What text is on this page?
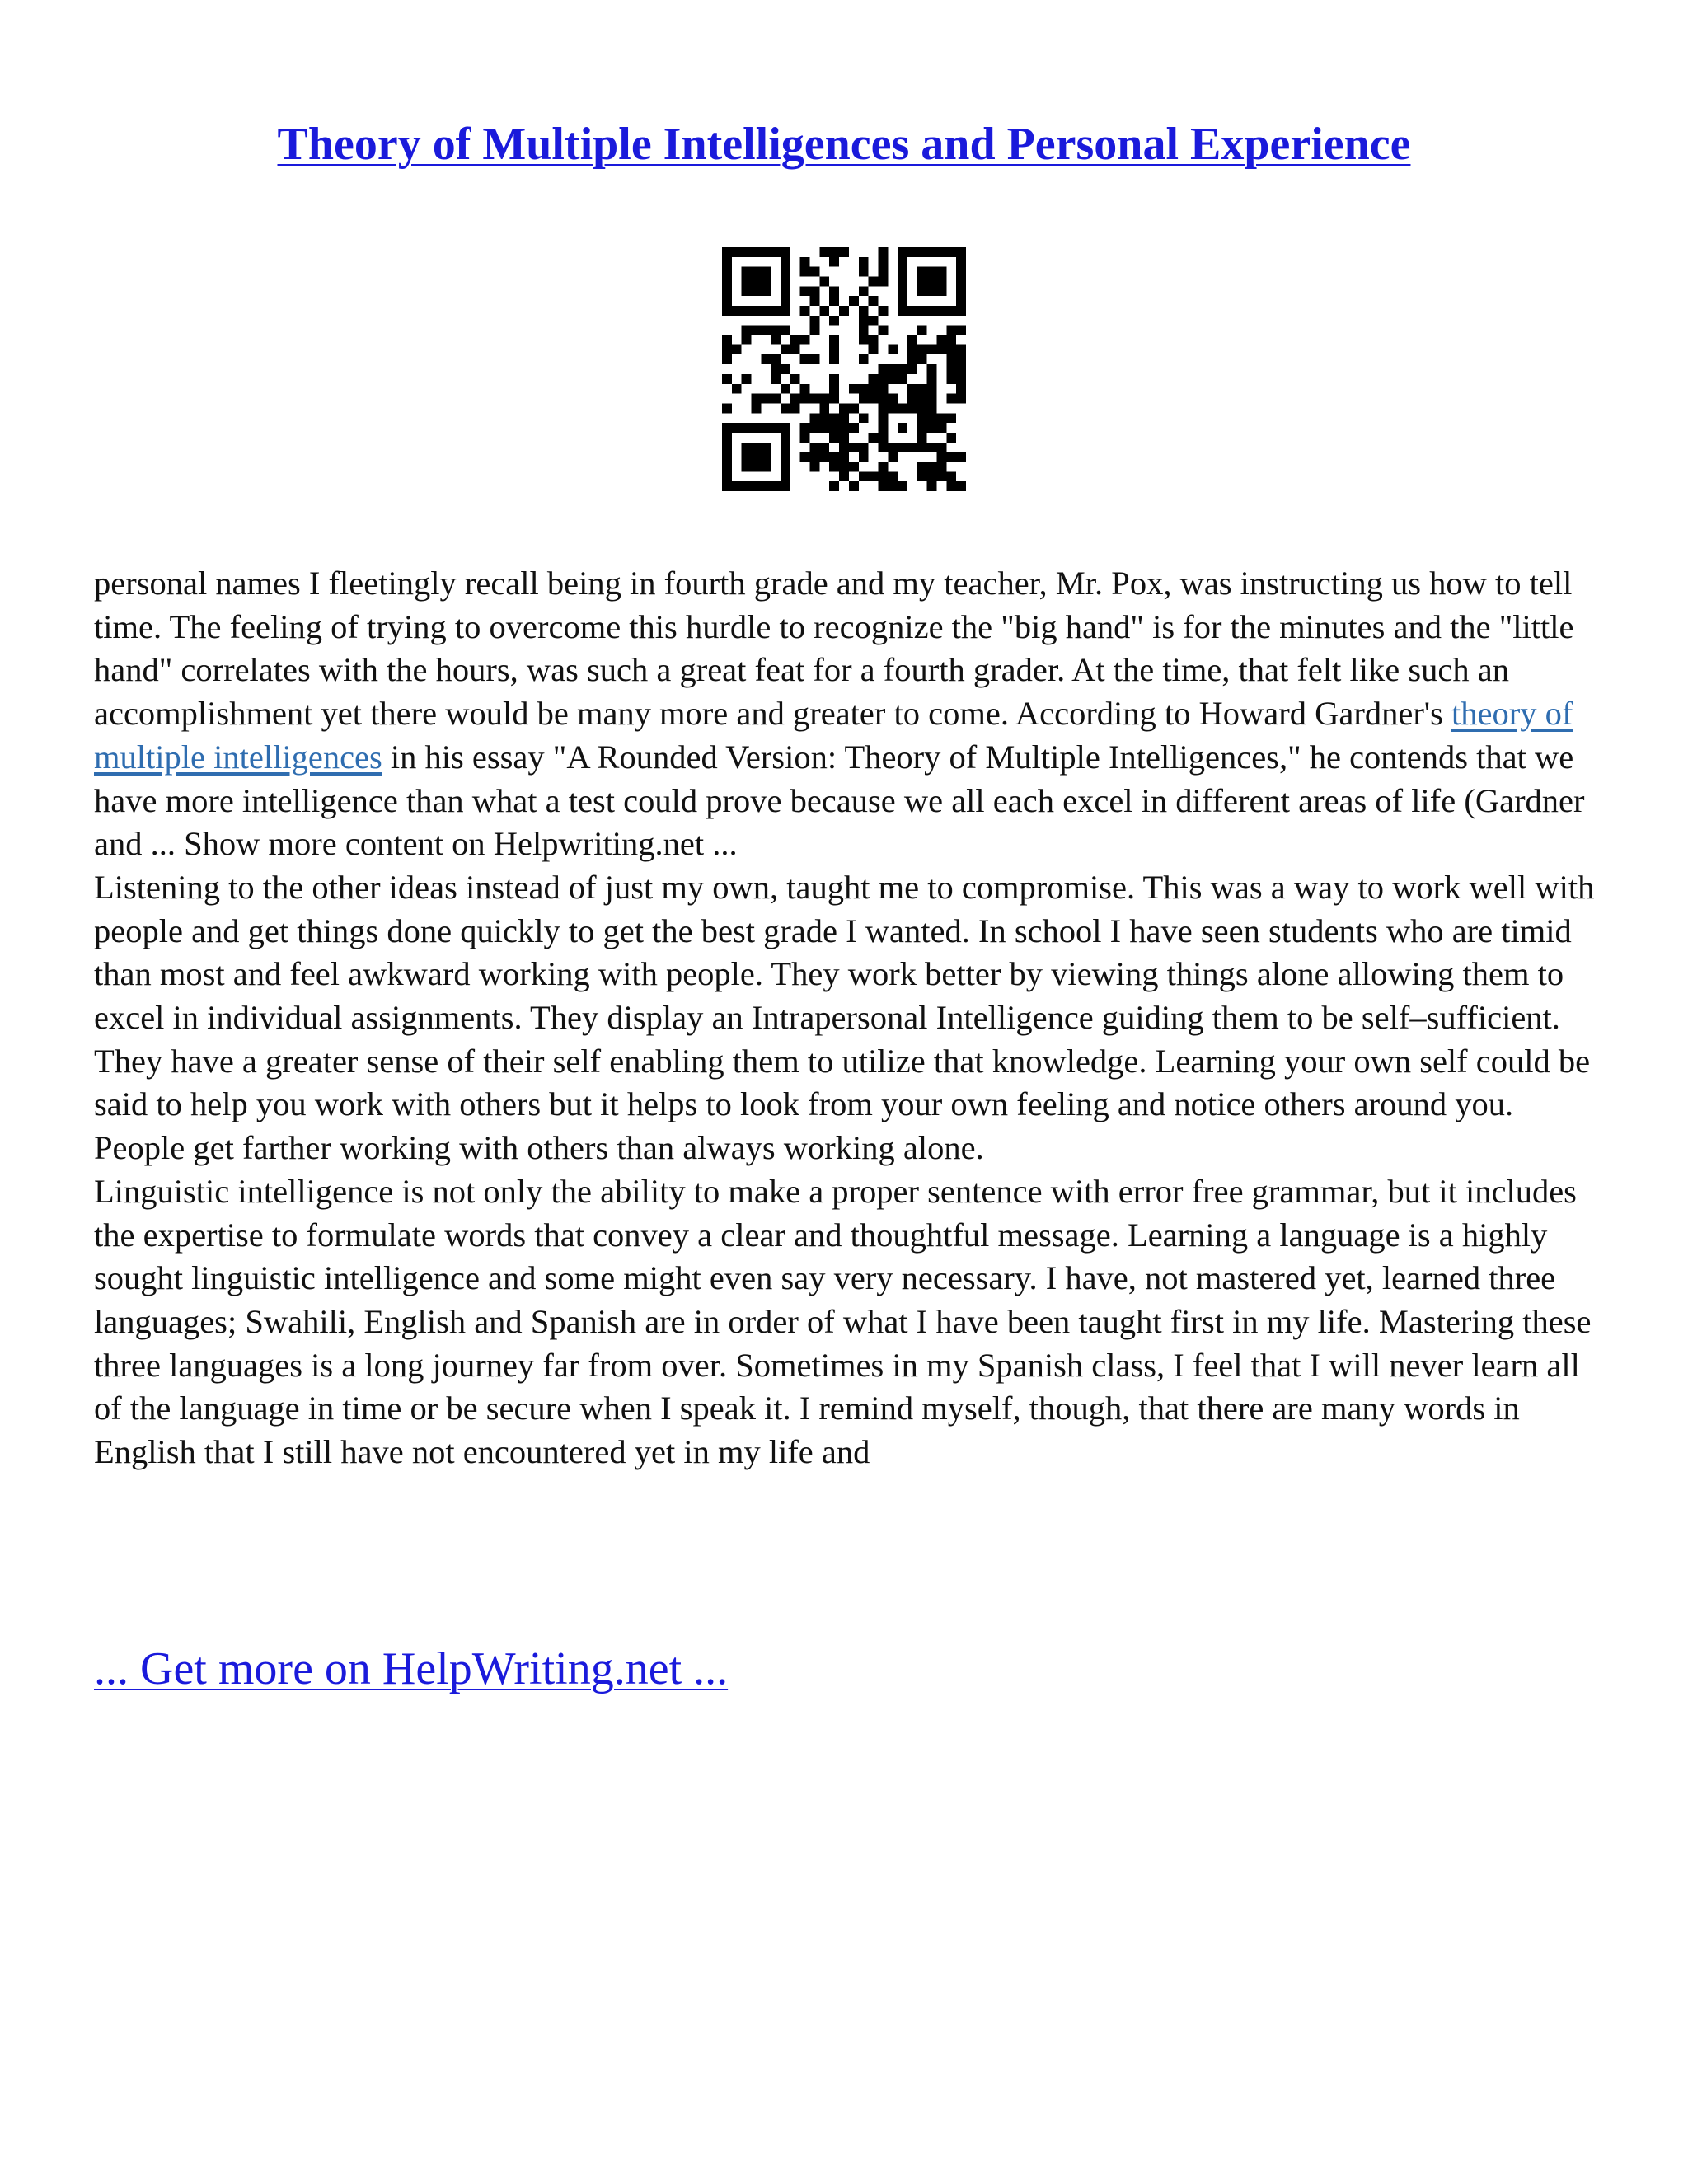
Theory of Multiple Intelligences and Personal Experience

personal names I fleetingly recall being in fourth grade and my teacher, Mr. Pox, was instructing us how to tell time. The feeling of trying to overcome this hurdle to recognize the "big hand" is for the minutes and the "little hand" correlates with the hours, was such a great feat for a fourth grader. At the time, that felt like such an accomplishment yet there would be many more and greater to come. According to Howard Gardner's theory of multiple intelligences in his essay "A Rounded Version: Theory of Multiple Intelligences," he contends that we have more intelligence than what a test could prove because we all each excel in different areas of life (Gardner and ... Show more content on Helpwriting.net ...

Listening to the other ideas instead of just my own, taught me to compromise. This was a way to work well with people and get things done quickly to get the best grade I wanted. In school I have seen students who are timid than most and feel awkward working with people. They work better by viewing things alone allowing them to excel in individual assignments. They display an Intrapersonal Intelligence guiding them to be self–sufficient. They have a greater sense of their self enabling them to utilize that knowledge. Learning your own self could be said to help you work with others but it helps to look from your own feeling and notice others around you. People get farther working with others than always working alone.

Linguistic intelligence is not only the ability to make a proper sentence with error free grammar, but it includes the expertise to formulate words that convey a clear and thoughtful message. Learning a language is a highly sought linguistic intelligence and some might even say very necessary. I have, not mastered yet, learned three languages; Swahili, English and Spanish are in order of what I have been taught first in my life. Mastering these three languages is a long journey far from over. Sometimes in my Spanish class, I feel that I will never learn all of the language in time or be secure when I speak it. I remind myself, though, that there are many words in English that I still have not encountered yet in my life and

... Get more on HelpWriting.net ...
